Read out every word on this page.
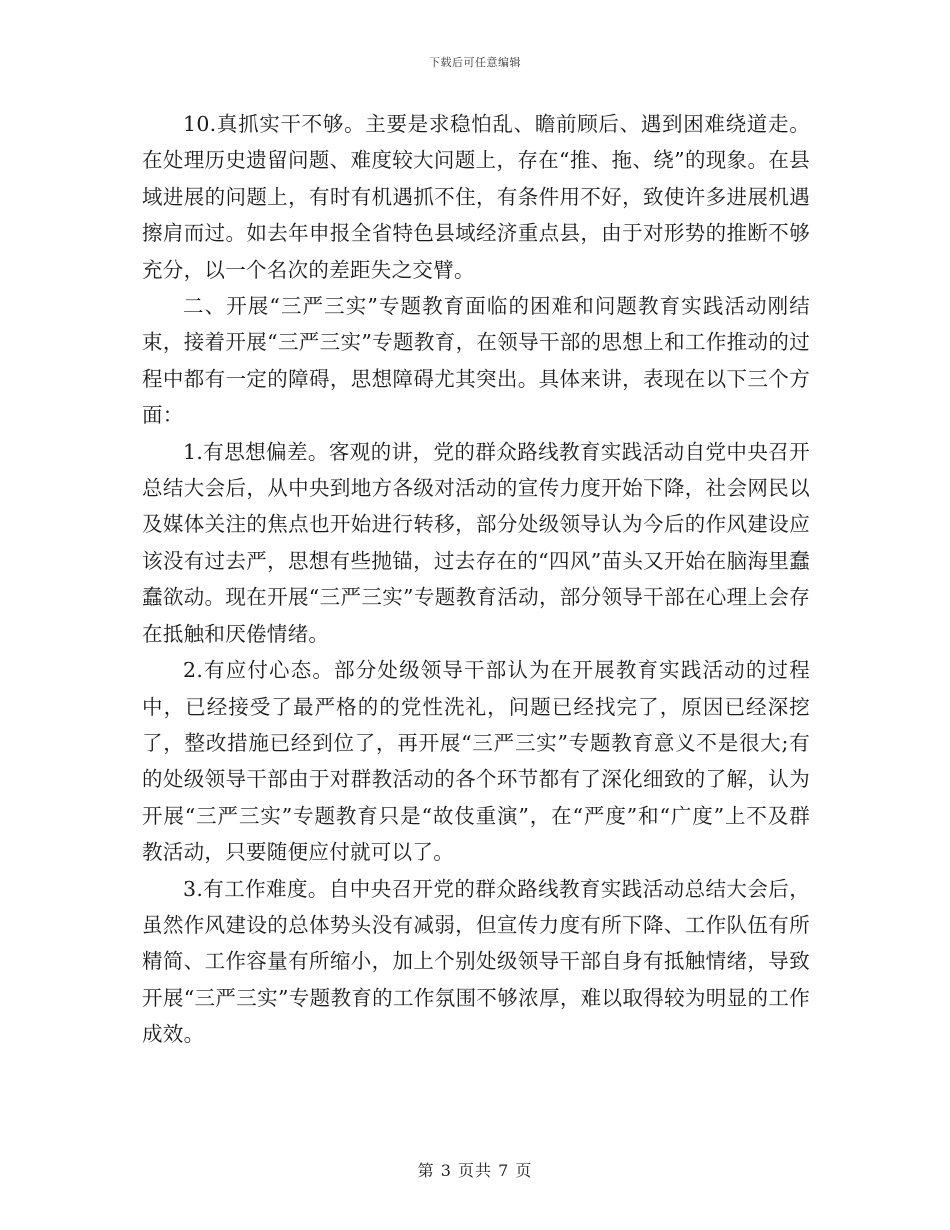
下载后可任意编辑

10.真抓实干不够。主要是求稳怕乱、瞻前顾后、遇到困难绕道走。在处理历史遗留问题、难度较大问题上，存在“推、拖、绕”的现象。在县域进展的问题上，有时有机遇抓不住，有条件用不好，致使许多进展机遇擦肩而过。如去年申报全省特色县域经济重点县，由于对形势的推断不够充分，以一个名次的差距失之交臂。

二、开展“三严三实”专题教育面临的困难和问题教育实践活动刚结束，接着开展“三严三实”专题教育，在领导干部的思想上和工作推动的过程中都有一定的障碍，思想障碍尤其突出。具体来讲，表现在以下三个方面：

1.有思想偏差。客观的讲，党的群众路线教育实践活动自党中央召开总结大会后，从中央到地方各级对活动的宣传力度开始下降，社会网民以及媒体关注的焦点也开始进行转移，部分处级领导认为今后的作风建设应该没有过去严，思想有些抛锚，过去存在的“四风”苗头又开始在脑海里蠢蠢欲动。现在开展“三严三实”专题教育活动，部分领导干部在心理上会存在抵触和厌倦情绪。

2.有应付心态。部分处级领导干部认为在开展教育实践活动的过程中，已经接受了最严格的的党性洗礼，问题已经找完了，原因已经深挖了，整改措施已经到位了，再开展“三严三实”专题教育意义不是很大;有的处级领导干部由于对群教活动的各个环节都有了深化细致的了解，认为开展“三严三实”专题教育只是“故伎重演”，在“严度”和“广度”上不及群教活动，只要随便应付就可以了。

3.有工作难度。自中央召开党的群众路线教育实践活动总结大会后，虽然作风建设的总体势头没有减弱，但宣传力度有所下降、工作队伍有所精简、工作容量有所缩小，加上个别处级领导干部自身有抵触情绪，导致开展“三严三实”专题教育的工作氛围不够浓厚，难以取得较为明显的工作成效。

第 3 页共 7 页
